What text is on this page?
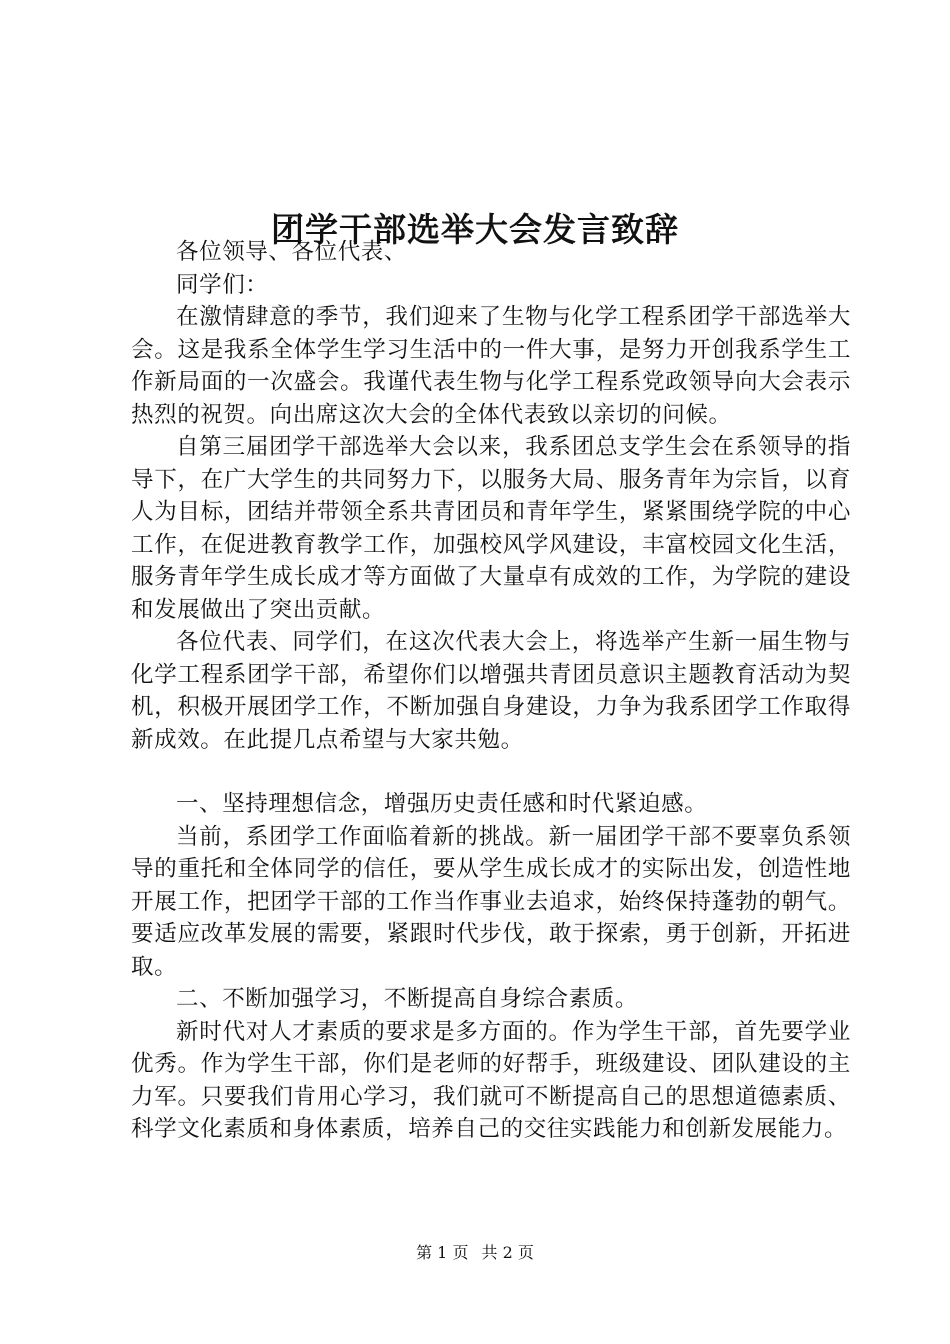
团学干部选举大会发言致辞

各位领导、各位代表、

同学们：

在激情肆意的季节，我们迎来了生物与化学工程系团学干部选举大会。这是我系全体学生学习生活中的一件大事，是努力开创我系学生工作新局面的一次盛会。我谨代表生物与化学工程系党政领导向大会表示热烈的祝贺。向出席这次大会的全体代表致以亲切的问候。

自第三届团学干部选举大会以来，我系团总支学生会在系领导的指导下，在广大学生的共同努力下，以服务大局、服务青年为宗旨，以育人为目标，团结并带领全系共青团员和青年学生，紧紧围绕学院的中心工作，在促进教育教学工作，加强校风学风建设，丰富校园文化生活，服务青年学生成长成才等方面做了大量卓有成效的工作，为学院的建设和发展做出了突出贡献。

各位代表、同学们，在这次代表大会上，将选举产生新一届生物与化学工程系团学干部，希望你们以增强共青团员意识主题教育活动为契机，积极开展团学工作，不断加强自身建设，力争为我系团学工作取得新成效。在此提几点希望与大家共勉。

一、坚持理想信念，增强历史责任感和时代紧迫感。

当前，系团学工作面临着新的挑战。新一届团学干部不要辜负系领导的重托和全体同学的信任，要从学生成长成才的实际出发，创造性地开展工作，把团学干部的工作当作事业去追求，始终保持蓬勃的朝气。要适应改革发展的需要，紧跟时代步伐，敢于探索，勇于创新，开拓进取。

二、不断加强学习，不断提高自身综合素质。

新时代对人才素质的要求是多方面的。作为学生干部，首先要学业优秀。作为学生干部，你们是老师的好帮手，班级建设、团队建设的主力军。只要我们肯用心学习，我们就可不断提高自己的思想道德素质、科学文化素质和身体素质，培养自己的交往实践能力和创新发展能力。

第 1 页 共 2 页
